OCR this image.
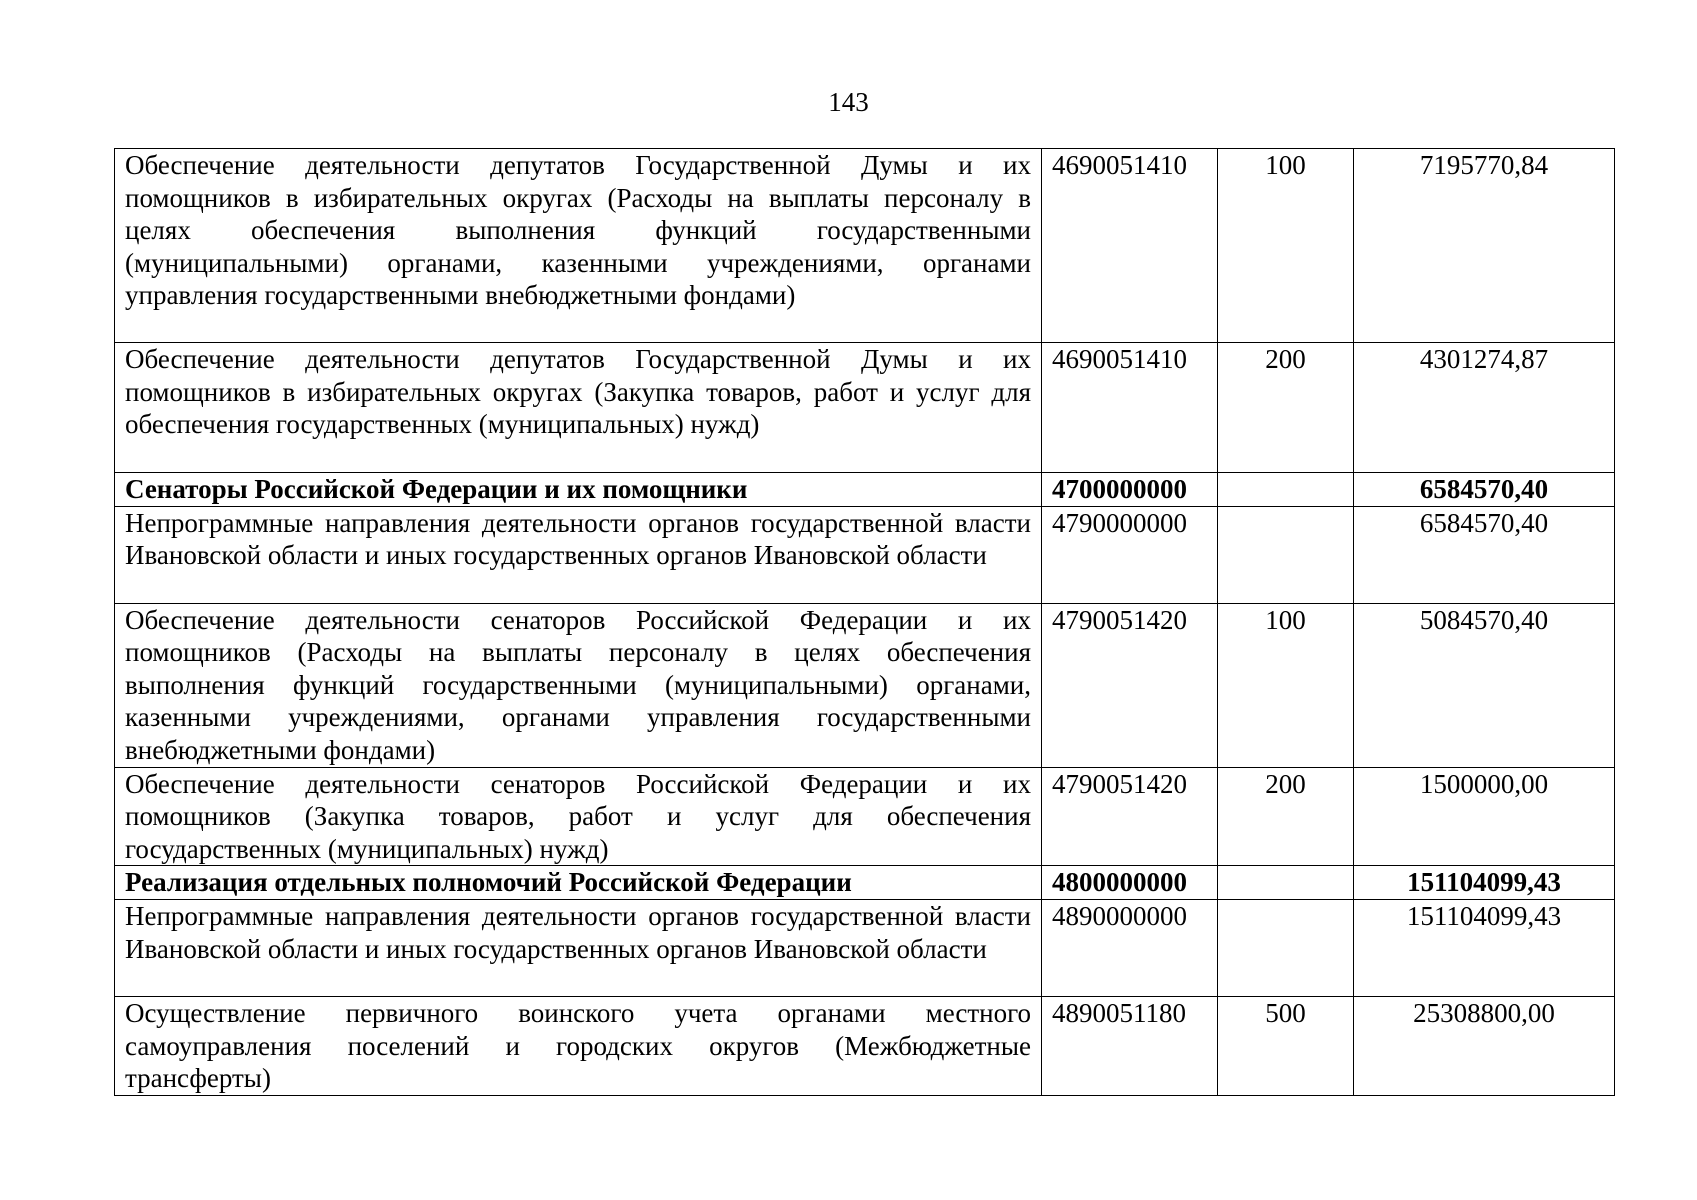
143
Обеспечение деятельности депутатов Государственной Думы и их помощников в избирательных округах (Расходы на выплаты персоналу в целях обеспечения выполнения функций государственными (муниципальными) органами, казенными учреждениями, органами управления государственными внебюджетными фондами)	4690051410	100	7195770,84
Обеспечение деятельности депутатов Государственной Думы и их помощников в избирательных округах (Закупка товаров, работ и услуг для обеспечения государственных (муниципальных) нужд)	4690051410	200	4301274,87
Сенаторы Российской Федерации и их помощники	4700000000		6584570,40
Непрограммные направления деятельности органов государственной власти Ивановской области и иных государственных органов Ивановской области	4790000000		6584570,40
Обеспечение деятельности сенаторов Российской Федерации и их помощников (Расходы на выплаты персоналу в целях обеспечения выполнения функций государственными (муниципальными) органами, казенными учреждениями, органами управления государственными внебюджетными фондами)	4790051420	100	5084570,40
Обеспечение деятельности сенаторов Российской Федерации и их помощников (Закупка товаров, работ и услуг для обеспечения государственных (муниципальных) нужд)	4790051420	200	1500000,00
Реализация отдельных полномочий Российской Федерации	4800000000		151104099,43
Непрограммные направления деятельности органов государственной власти Ивановской области и иных государственных органов Ивановской области	4890000000		151104099,43
Осуществление первичного воинского учета органами местного самоуправления поселений и городских округов (Межбюджетные трансферты)	4890051180	500	25308800,00
